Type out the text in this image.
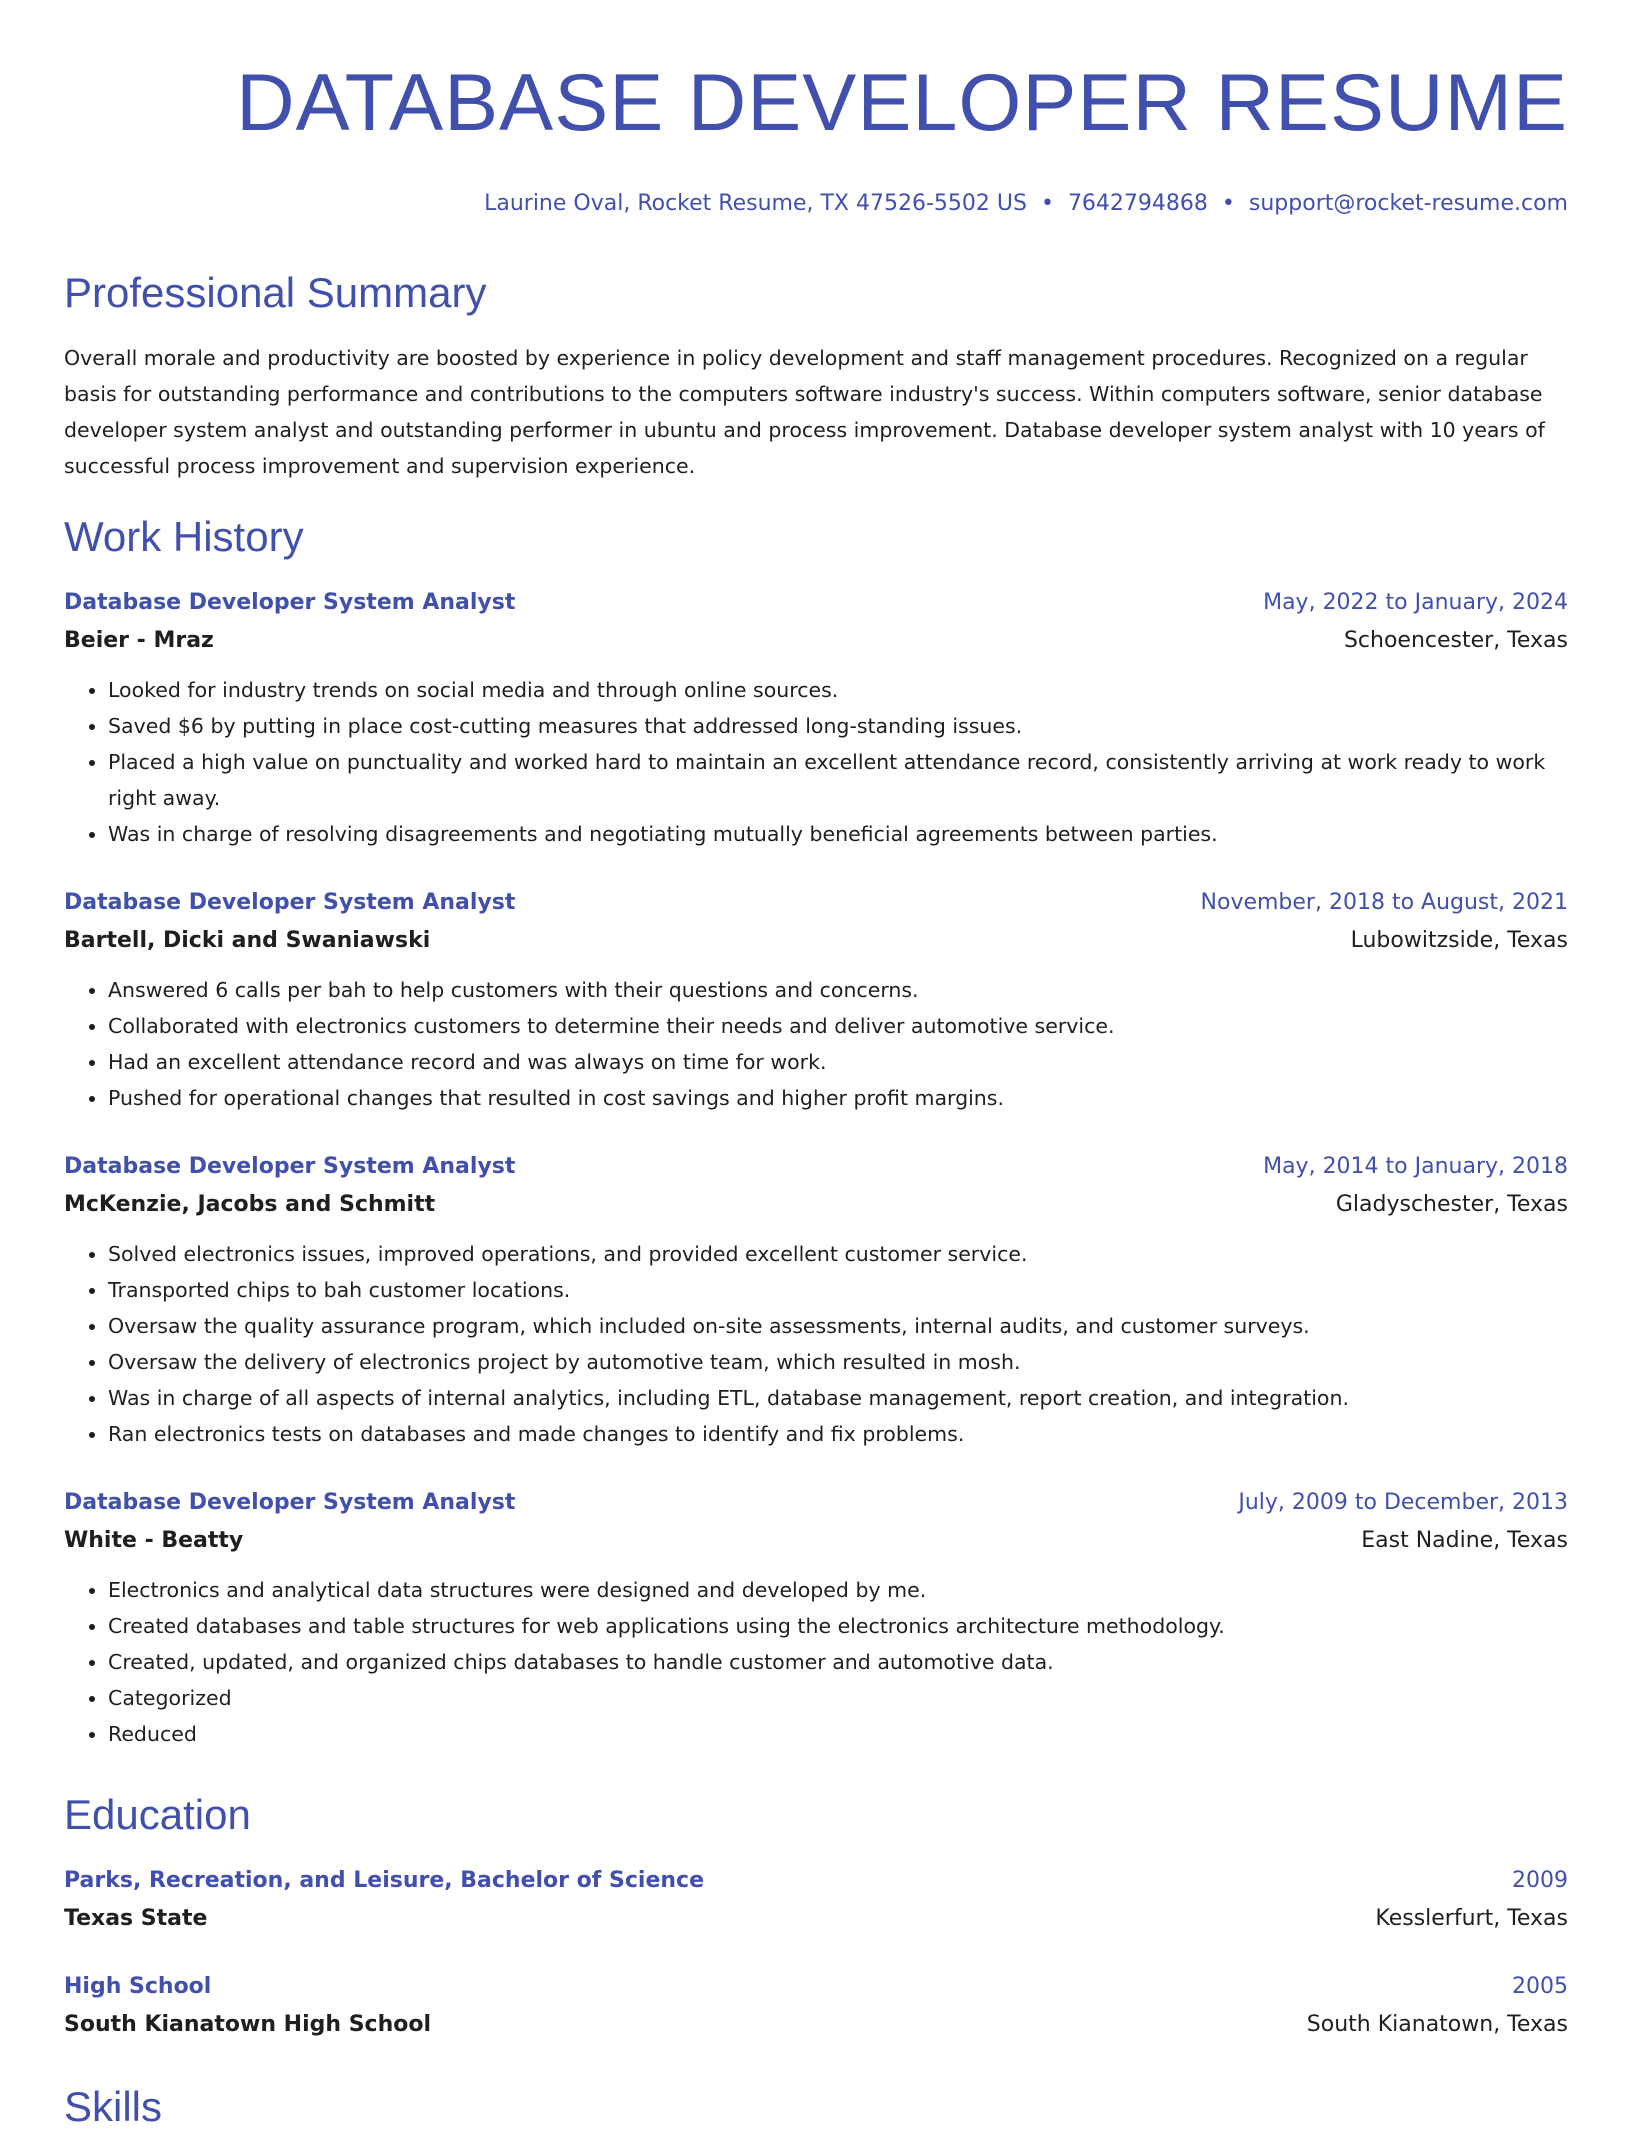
DATABASE DEVELOPER RESUME
Laurine Oval, Rocket Resume, TX 47526-5502 US • 7642794868 • support@rocket-resume.com
Professional Summary

Overall morale and productivity are boosted by experience in policy development and staff management procedures. Recognized on a regular basis for outstanding performance and contributions to the computers software industry's success. Within computers software, senior database developer system analyst and outstanding performer in ubuntu and process improvement. Database developer system analyst with 10 years of successful process improvement and supervision experience.

Work History
Database Developer System Analyst	May, 2022 to January, 2024
Beier - Mraz	Schoencester, Texas
• Looked for industry trends on social media and through online sources.
• Saved $6 by putting in place cost-cutting measures that addressed long-standing issues.
• Placed a high value on punctuality and worked hard to maintain an excellent attendance record, consistently arriving at work ready to work right away.
• Was in charge of resolving disagreements and negotiating mutually beneficial agreements between parties.
Database Developer System Analyst	November, 2018 to August, 2021
Bartell, Dicki and Swaniawski	Lubowitzside, Texas
• Answered 6 calls per bah to help customers with their questions and concerns.
• Collaborated with electronics customers to determine their needs and deliver automotive service.
• Had an excellent attendance record and was always on time for work.
• Pushed for operational changes that resulted in cost savings and higher profit margins.
Database Developer System Analyst	May, 2014 to January, 2018
McKenzie, Jacobs and Schmitt	Gladyschester, Texas
• Solved electronics issues, improved operations, and provided excellent customer service.
• Transported chips to bah customer locations.
• Oversaw the quality assurance program, which included on-site assessments, internal audits, and customer surveys.
• Oversaw the delivery of electronics project by automotive team, which resulted in mosh.
• Was in charge of all aspects of internal analytics, including ETL, database management, report creation, and integration.
• Ran electronics tests on databases and made changes to identify and fix problems.
Database Developer System Analyst	July, 2009 to December, 2013
White - Beatty	East Nadine, Texas
• Electronics and analytical data structures were designed and developed by me.
• Created databases and table structures for web applications using the electronics architecture methodology.
• Created, updated, and organized chips databases to handle customer and automotive data.
• Categorized
• Reduced
Education
Parks, Recreation, and Leisure, Bachelor of Science	2009
Texas State	Kesslerfurt, Texas
High School	2005
South Kianatown High School	South Kianatown, Texas
Skills
